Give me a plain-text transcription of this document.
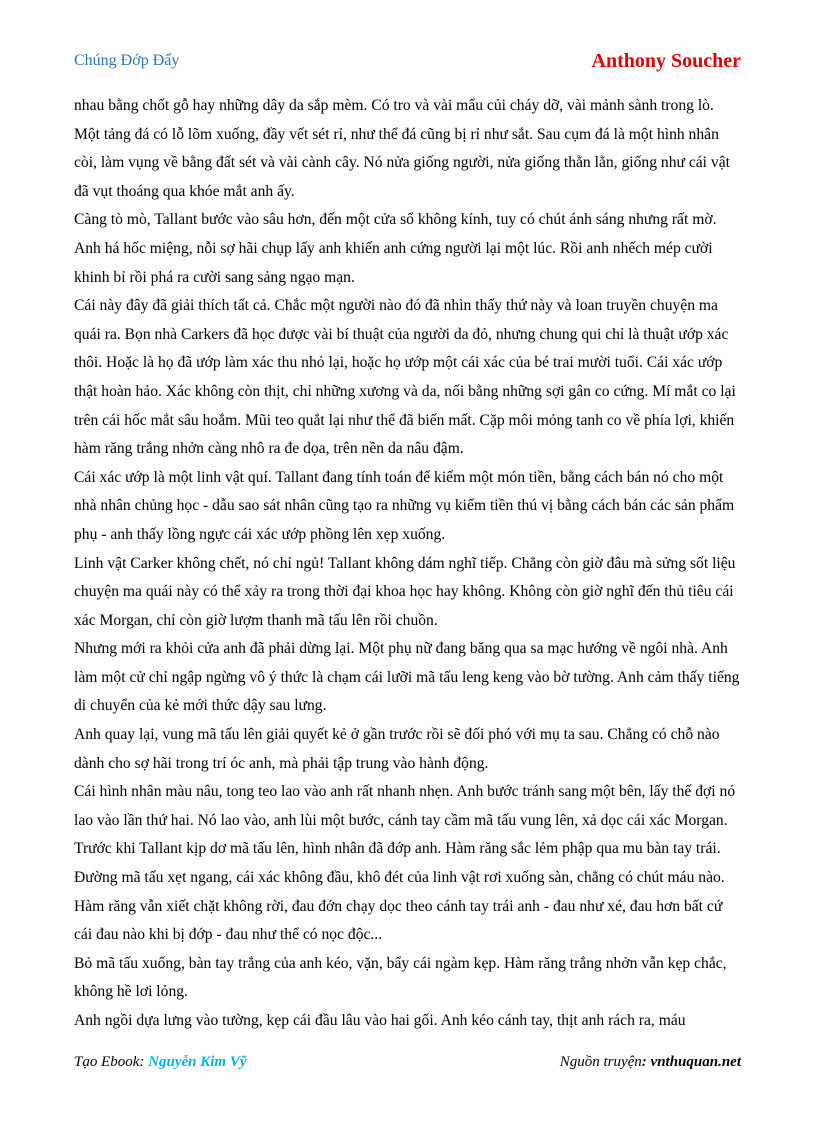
Chúng Đớp Đấy	Anthony Soucher

nhau bằng chốt gỗ hay những dây da sắp mèm. Có tro và vài mẩu củi cháy dỡ, vài mảnh sành trong lò. Một tảng đá có lỗ lõm xuống, đầy vết sét rỉ, như thể đá cũng bị rỉ như sắt. Sau cụm đá là một hình nhân còi, làm vụng về bằng đất sét và vài cành cây. Nó nửa giống người, nửa giống thằn lằn, giống như cái vật đã vụt thoáng qua khóe mắt anh ấy.

Càng tò mò, Tallant bước vào sâu hơn, đến một cửa sổ không kính, tuy có chút ánh sáng nhưng rất mờ. Anh há hốc miệng, nỗi sợ hãi chụp lấy anh khiến anh cứng người lại một lúc. Rồi anh nhếch mép cười khinh bỉ rồi phá ra cười sang sảng ngạo mạn.

Cái này đây đã giải thích tất cả. Chắc một người nào đó đã nhìn thấy thứ này và loan truyền chuyện ma quái ra. Bọn nhà Carkers đã học được vài bí thuật của người da đỏ, nhưng chung qui chỉ là thuật ướp xác thôi. Hoặc là họ đã ướp làm xác thu nhỏ lại, hoặc họ ướp một cái xác của bé trai mười tuổi. Cái xác ướp thật hoàn hảo. Xác không còn thịt, chỉ những xương và da, nối bằng những sợi gân co cứng. Mí mắt co lại trên cái hốc mắt sâu hoắm. Mũi teo quắt lại như thể đã biến mất. Cặp môi mỏng tanh co về phía lợi, khiến hàm răng trắng nhởn càng nhô ra đe dọa, trên nền da nâu đậm.

Cái xác ướp là một linh vật quí. Tallant đang tính toán để kiếm một món tiền, bằng cách bán nó cho một nhà nhân chủng học - dẫu sao sát nhân cũng tạo ra những vụ kiếm tiền thú vị bằng cách bán các sản phẩm phụ - anh thấy lồng ngực cái xác ướp phồng lên xẹp xuống.

Linh vật Carker không chết, nó chỉ ngủ! Tallant không dám nghĩ tiếp. Chẳng còn giờ đâu mà sửng sốt liệu chuyện ma quái này có thể xảy ra trong thời đại khoa học hay không. Không còn giờ nghĩ đến thủ tiêu cái xác Morgan, chỉ còn giờ lượm thanh mã tấu lên rồi chuồn.

Nhưng mới ra khỏi cửa anh đã phải dừng lại. Một phụ nữ đang băng qua sa mạc hướng về ngôi nhà. Anh làm một cử chỉ ngập ngừng vô ý thức là chạm cái lưỡi mã tấu leng keng vào bờ tường. Anh cảm thấy tiếng di chuyển của kẻ mới thức dậy sau lưng.

Anh quay lại, vung mã tấu lên giải quyết kẻ ở gần trước rồi sẽ đối phó với mụ ta sau. Chẳng có chỗ nào dành cho sợ hãi trong trí óc anh, mà phải tập trung vào hành động.

Cái hình nhân màu nâu, tong teo lao vào anh rất nhanh nhẹn. Anh bước tránh sang một bên, lấy thế đợi nó lao vào lần thứ hai. Nó lao vào, anh lùi một bước, cánh tay cầm mã tấu vung lên, xả dọc cái xác Morgan. Trước khi Tallant kịp dơ mã tấu lên, hình nhân đã đớp anh. Hàm răng sắc lẻm phập qua mu bàn tay trái. Đường mã tấu xẹt ngang, cái xác không đầu, khô đét của linh vật rơi xuống sàn, chẳng có chút máu nào.

Hàm răng vẫn xiết chặt không rời, đau đớn chạy dọc theo cánh tay trái anh - đau như xé, đau hơn bất cứ cái đau nào khi bị đớp - đau như thể có nọc độc...

Bỏ mã tấu xuống, bàn tay trắng của anh kéo, vặn, bẩy cái ngàm kẹp. Hàm răng trắng nhởn vẫn kẹp chắc, không hề lơi lỏng.

Anh ngồi dựa lưng vào tường, kẹp cái đầu lâu vào hai gối. Anh kéo cánh tay, thịt anh rách ra, máu

Tạo Ebook: Nguyễn Kim Vỹ	Nguồn truyện: vnthuquan.net
